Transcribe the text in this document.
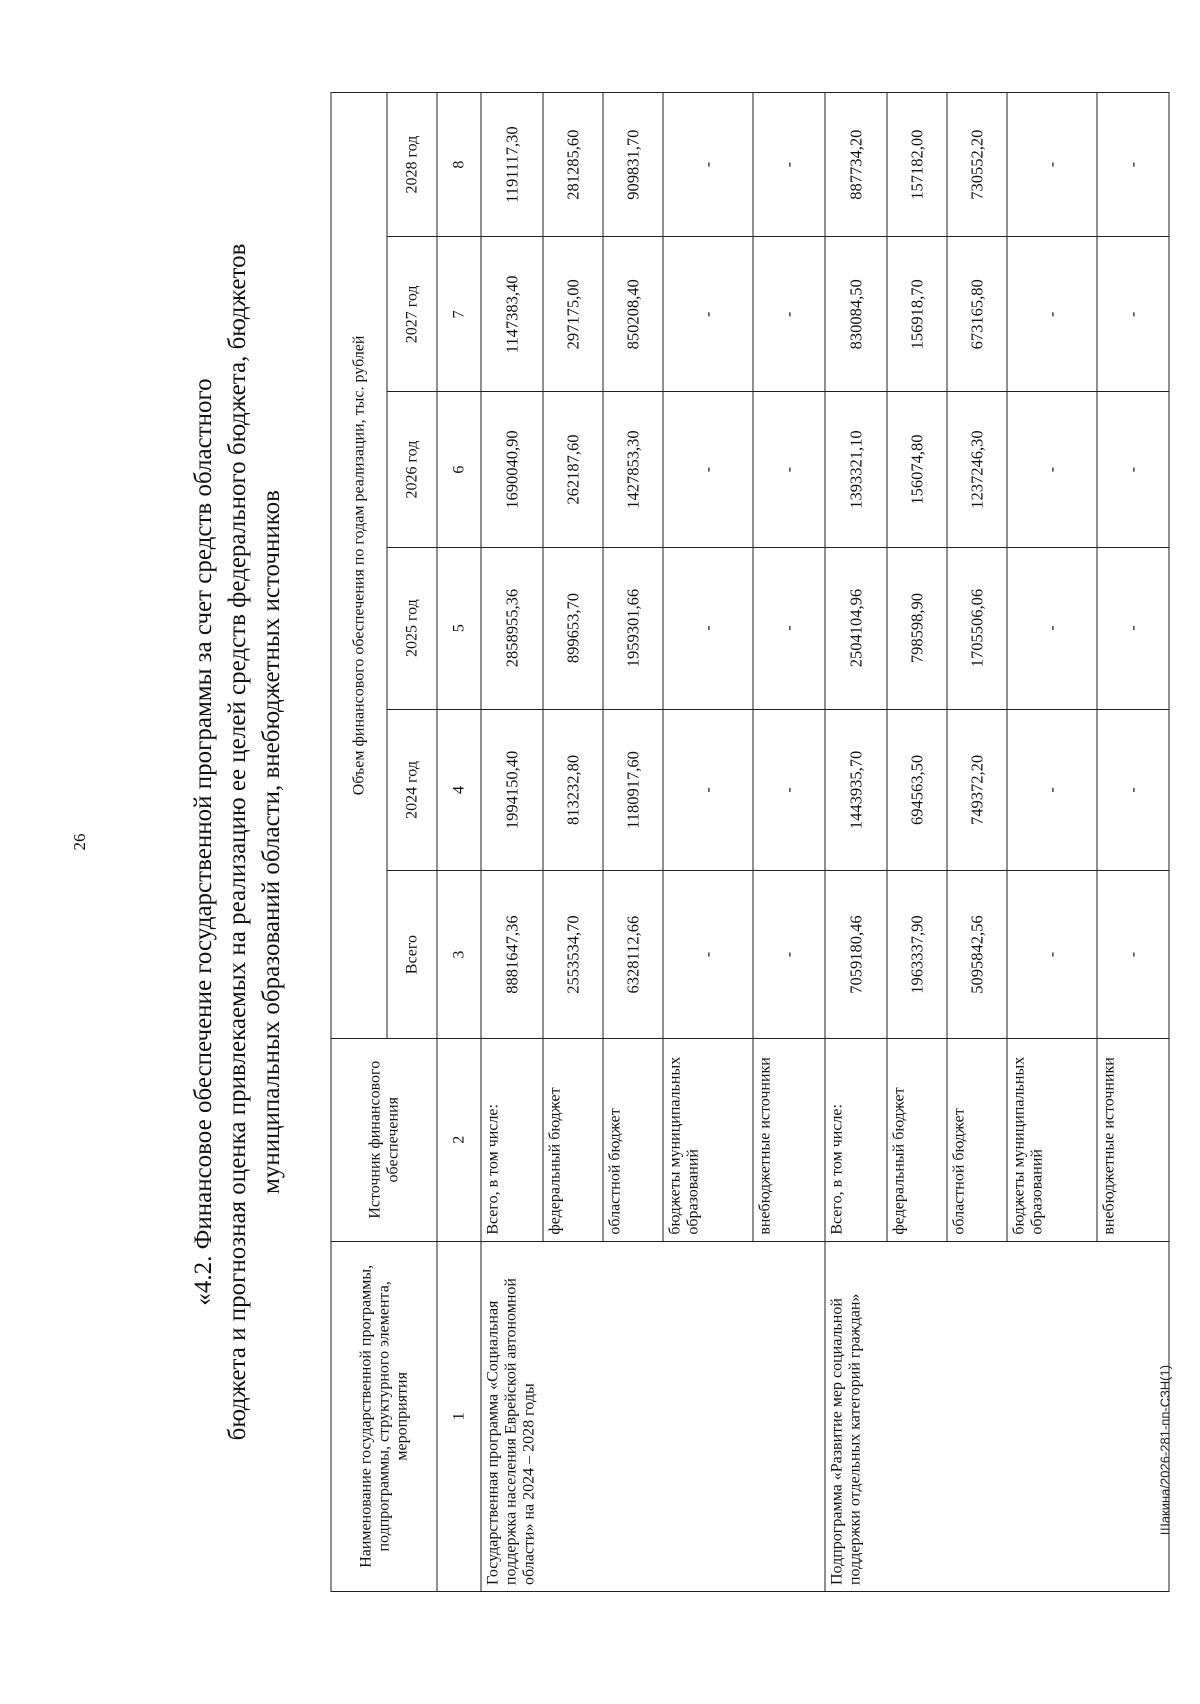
26	«4.2. Финансовое обеспечение государственной программы за счет средств областного бюджета и прогнозная оценка привлекаемых на реализацию ее целей средств федерального бюджета, бюджетов муниципальных образований области, внебюджетных источников
Наименование государственной программы, подпрограммы, структурного элемента, мероприятия	Источник финансового обеспечения	Объем финансового обеспечения по годам реализации, тыс. рублей					
		Всего	2024 год	2025 год	2026 год	2027 год	2028 год
1	2	3	4	5	6	7	8
Государственная программа «Социальная поддержка населения Еврейской автономной области» на 2024 – 2028 годы	Всего, в том числе:	8881647,36	1994150,40	2858955,36	1690040,90	1147383,40	1191117,30
	федеральный бюджет	2553534,70	813232,80	899653,70	262187,60	297175,00	281285,60
	областной бюджет	6328112,66	1180917,60	1959301,66	1427853,30	850208,40	909831,70
	бюджеты муниципальных образований	-	-	-	-	-	-
	внебюджетные источники	-	-	-	-	-	-
Подпрограмма «Развитие мер социальной поддержки отдельных категорий граждан»	Всего, в том числе:	7059180,46	1443935,70	2504104,96	1393321,10	830084,50	887734,20
	федеральный бюджет	1963337,90	694563,50	798598,90	156074,80	156918,70	157182,00
	областной бюджет	5095842,56	749372,20	1705506,06	1237246,30	673165,80	730552,20
	бюджеты муниципальных образований	-	-	-	-	-	-
	внебюджетные источники	-	-	-	-	-	-
Шакина/2026-281-пп-СЗН(1)
